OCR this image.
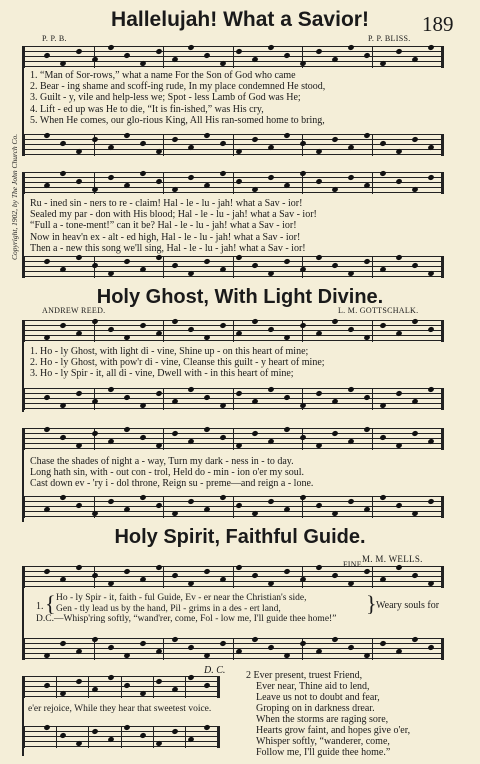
Hallelujah! What a Savior!	189
P. P. B.	P. P. BLISS.
Copyright, 1902, by The John Church Co.
1. “Man of Sor-rows,” what a name For the Son of God who came
2. Bear - ing shame and scoff-ing rude, In my place condemned He stood,
3. Guilt - y, vile and help-less we; Spot - less Lamb of God was He;
4. Lift - ed up was He to die, “It is fin-ished,” was His cry,
5. When He comes, our glo-rious King, All His ran-somed home to bring,
Ru - ined sin - ners to re - claim! Hal - le - lu - jah! what a Sav - ior!
Sealed my par - don with His blood; Hal - le - lu - jah! what a Sav - ior!
“Full a - tone-ment!” can it be? Hal - le - lu - jah! what a Sav - ior!
Now in heav'n ex - alt - ed high, Hal - le - lu - jah! what a Sav - ior!
Then a - new this song we'll sing, Hal - le - lu - jah! what a Sav - ior!
Holy Ghost, With Light Divine.
ANDREW REED.	L. M. GOTTSCHALK.
1. Ho - ly Ghost, with light di - vine, Shine up - on this heart of mine;
2. Ho - ly Ghost, with pow'r di - vine, Cleanse this guilt - y heart of mine;
3. Ho - ly Spir - it, all di - vine, Dwell with - in this heart of mine;
Chase the shades of night a - way, Turn my dark - ness in - to day.
Long hath sin, with - out con - trol, Held do - min - ion o'er my soul.
Cast down ev - 'ry i - dol throne, Reign su - preme—and reign a - lone.
Holy Spirit, Faithful Guide.
M. M. WELLS.
FINE.
1. { Ho - ly Spir - it, faith - ful Guide, Ev - er near the Christian's side,
Gen - tly lead us by the hand, Pil - grims in a des - ert land,	} Weary souls for
D.C.—Whisp'ring softly, “wand'rer, come, Fol - low me, I'll guide thee home!”
D. C.
e'er rejoice, While they hear that sweetest voice.
2 Ever present, truest Friend,
Ever near, Thine aid to lend,
Leave us not to doubt and fear,
Groping on in darkness drear.
When the storms are raging sore,
Hearts grow faint, and hopes give o'er,
Whisper softly, “wanderer, come,
Follow me, I'll guide thee home.”
